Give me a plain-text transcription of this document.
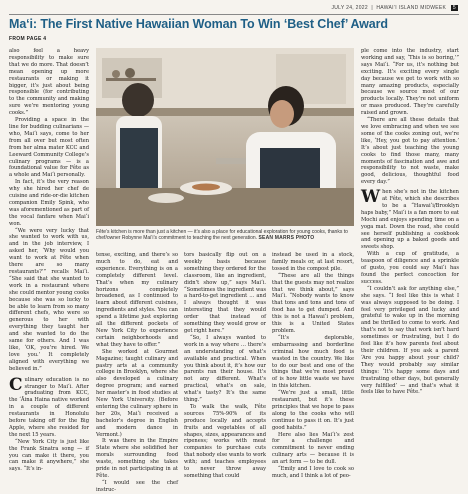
JULY 24, 2022  |  HAWAI‘I ISLAND MIDWEEK 5
Ma‘i: The First Native Hawaiian Woman To Win ‘Best Chef’ Award
FROM PAGE 4

also feel a heavy responsibility to make sure that we do more. That doesn’t mean opening up more restaurants or making it bigger, it’s just about being responsible (for contributing to the community and making sure we’re mentoring young cooks.”

Providing a space in the line for budding culinarians — who, Mai‘i says, come to her from all over but most often from her alma mater KCC and Leeward Community College’s culinary programs — is a foundational value for Fête as a whole and Mai‘i personally.

In fact, it’s the very reason why she hired her chef de cuisine and ride-or-die kitchen companion Emily Spink, who was aforementioned as part of the vocal fanfare when Mai‘i won.

“We were very lucky that she wanted to work with us, and in the job interview, I asked her, ‘Why would you want to work at Fête when there are so many restaurants?’” recalls Mai‘i. “She said that she wanted to work in a restaurant where she could mentor young cooks because she was so lucky to be able to learn from so many different chefs, who were so generous to her with everything they taught her and she wanted to do the same for others. And I was like, ‘OK, you’re hired. We love you.’ It completely aligned with everything we believed in.”

Culinary education is no stranger to Mai‘i. After graduating from KCC, the ‘Āina Haina native worked in a couple of different restaurants in Honolulu before taking off for the Big Apple, where she resided for the next 15 years.

“New York City is just like the Frank Sinatra song — if you can make it there, you can make it anywhere,” she says. “It’s in-

Fête’s kitchen is more than just a kitchen — it’s also a place for educational exploration for young cooks, thanks to chef/owner Robynne Mai‘i’s commitment to teaching the next generation. SEAN MARRS PHOTO

tense, exciting, and there’s so much to do, eat and experience. Everything is on a completely different level. That’s when my culinary horizons completely broadened, as I continued to learn about different cuisines, ingredients and styles. You can spend a lifetime just exploring all the different pockets of New York City to experience certain neighborhoods and what they have to offer.”

She worked at Gourmet Magazine; taught culinary and pastry arts at a community college in Brooklyn, where she also developed a culinary degree program; and earned her master’s in food studies at New York University. (Before entering the culinary sphere in her 20s, Mai‘i received a bachelor’s degree in English and modern dance in Vermont.)

It was there in the Empire State where she solidified her morals surrounding food waste, something she takes pride in not participating in at Fête.

“I would see the chef instruc-

tors basically flip out on a weekly basis because something they ordered for the classroom, like an ingredient, didn’t show up,” says Mai‘i. “Sometimes the ingredient was a hard-to-get ingredient … and I always thought it was interesting that they would order that instead of something they would grow or get right here.”

“So, I always wanted to work in a way where … there’s an understanding of what’s available and practical. When you think about it, it’s how our parents ran their house. It’s not any different. What’s practical, what’s on sale, what’s tasty? It’s the same thing.”

To walk the walk, Fête sources 75%-90% of its produce locally and accepts fruits and vegetables of all shapes, sizes, appearances and ripeness; works with meat companies to purchase cuts that nobody else wants to work with; and teaches employees to never throw away something that could

instead be used in a stock, family meals or, at last resort, tossed in the compost pile.

“These are all the things that the guests may not realize that we think about,” says Mai‘i. “Nobody wants to know that tons and tons and tons of food has to get dumped. And this is not a Hawai‘i problem, this is a United States problem.

“It’s deplorable, embarrassing and borderline criminal how much food is wasted in the country. We like to do our best and one of the things that we’re most proud of is how little waste we have in this kitchen.

“We’re just a small, little restaurant, but it’s these principles that we hope to pass along to the cooks who will continue to pass it on. It’s just good habits.”

Here also lies Mai‘i’s zest for a challenge and commitment to never ending culinary arts — because it is an art form — to be dull.

“Emily and I love to cook so much, and I think a lot of peo-

ple come into the industry, start working and say, ‘This is so boring,’” says Mai‘i. “For us, it’s nothing but exciting. It’s exciting every single day because we get to work with so many amazing products, especially because we source most of our products locally. They’re not uniform or mass produced. They’re carefully raised and grown.

“There are all these details that we love embracing and when we see some of the cooks zoning out, we’re like, ‘Hey, you got to pay attention.’ It’s about just teaching the young cooks to find those many, many moments of fascination and awe and responsibility to not waste, make good, delicious, thoughtful food every day.”

When she’s not in the kitchen at Fête, which she describes to be a “Hawai‘i/Brooklyn haps baby,” Mai‘i is a fan more to eat Mochi and enjoys spending time on a yoga mat. Down the road, she could see herself publishing a cookbook and opening up a baked goods and sweets shop.

With a cup of gratitude, a teaspoon of diligence and a sprinkle of gusto, you could say Mai‘i has found the perfect concoction for success.

“I couldn’t ask for anything else,” she says. “I feel like this is what I was always supposed to be doing. I feel very privileged and lucky and grateful to wake up in the morning and be thrilled to come to work. And that’s not to say that work isn’t hard sometimes or frustrating, but I do feel like it’s how parents feel about their children. If you ask a parent ‘Are you happy about your child? They would probably say similar things: ‘It’s happy some days and frustrating other days, but generally very fulfilled’ — and that’s what it feels like to have Fête.”
